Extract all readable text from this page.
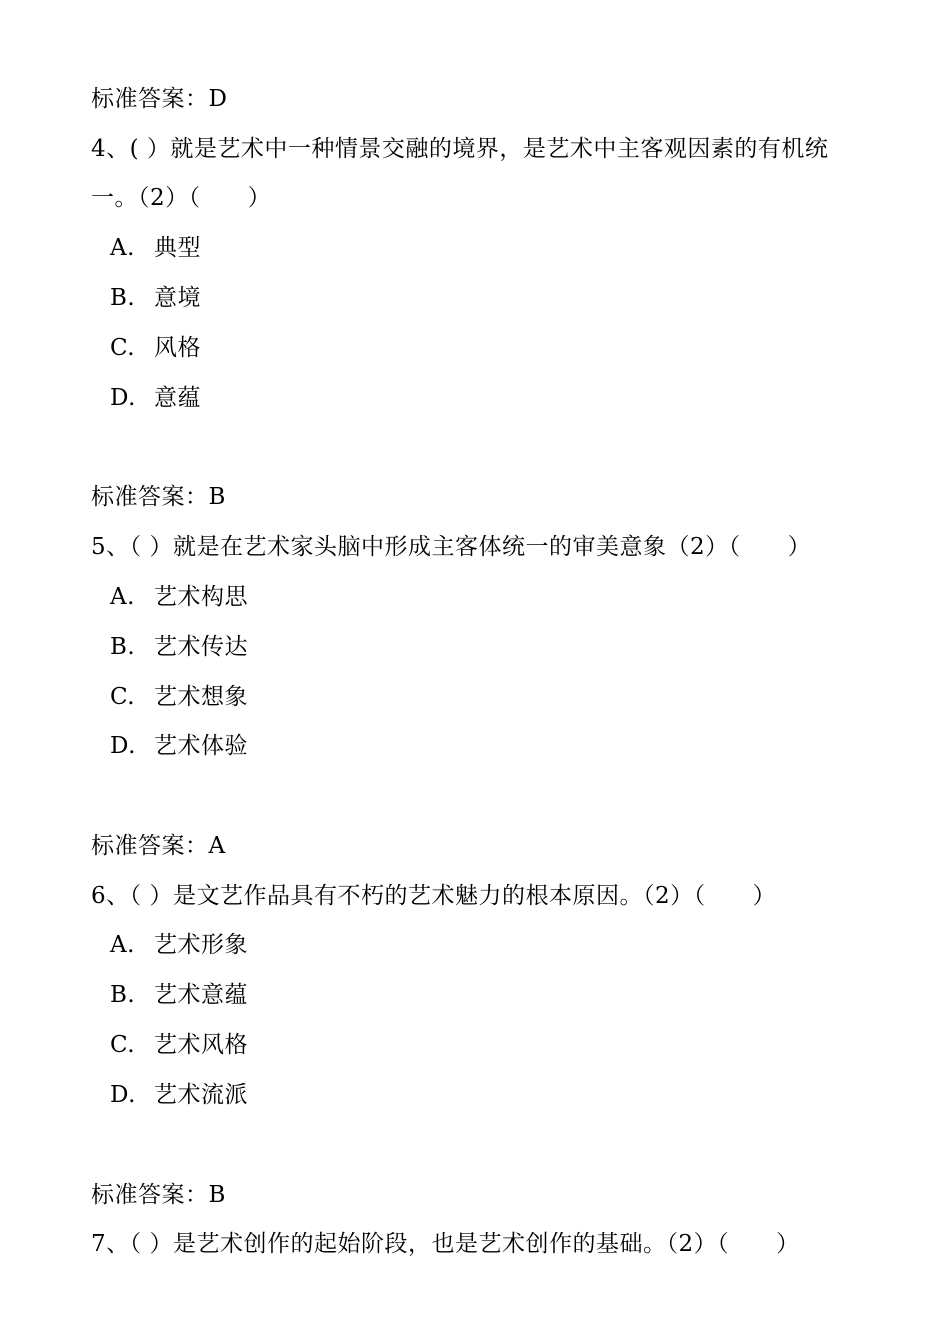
标准答案：D
4、( ）就是艺术中一种情景交融的境界，是艺术中主客观因素的有机统
一。（2）（　　）
A. 典型
B. 意境
C. 风格
D. 意蕴
标准答案：B
5、（ ）就是在艺术家头脑中形成主客体统一的审美意象（2）（　　）
A. 艺术构思
B. 艺术传达
C. 艺术想象
D. 艺术体验
标准答案：A
6、（ ）是文艺作品具有不朽的艺术魅力的根本原因。（2）（　　）
A. 艺术形象
B. 艺术意蕴
C. 艺术风格
D. 艺术流派
标准答案：B
7、（ ）是艺术创作的起始阶段，也是艺术创作的基础。（2）（　　）
